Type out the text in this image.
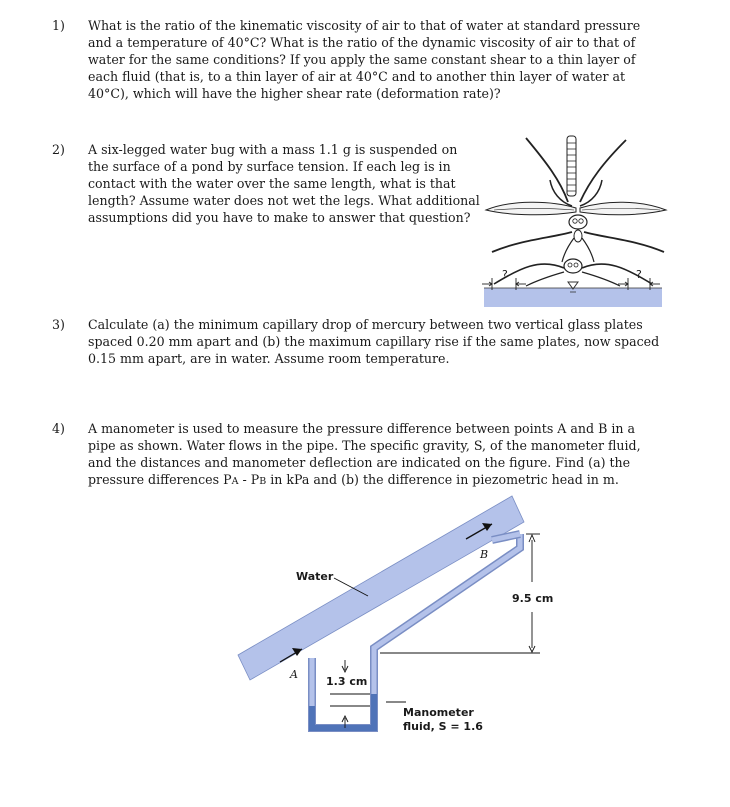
1)	What is the ratio of the kinematic viscosity of air to that of water at standard pressure and a temperature of 40°C? What is the ratio of the dynamic viscosity of air to that of water for the same conditions? If you apply the same constant shear to a thin layer of each fluid (that is, to a thin layer of air at 40°C and to another thin layer of water at 40°C), which will have the higher shear rate (deformation rate)?

2)	A six-legged water bug with a mass 1.1 g is suspended on the surface of a pond by surface tension. If each leg is in contact with the water over the same length, what is that length? Assume water does not wet the legs. What additional assumptions did you have to make to answer that question?

?	?
3)	Calculate (a) the minimum capillary drop of mercury between two vertical glass plates spaced 0.20 mm apart and (b) the maximum capillary rise if the same plates, now spaced 0.15 mm apart, are in water. Assume room temperature.

4)	A manometer is used to measure the pressure difference between points A and B in a pipe as shown. Water flows in the pipe. The specific gravity, S, of the manometer fluid, and the distances and manometer deflection are indicated on the figure. Find (a) the pressure differences PA - PB in kPa and (b) the difference in piezometric head in m.

9.5 cm
1.3 cm
Water
A
B
Manometer
fluid, S = 1.6
